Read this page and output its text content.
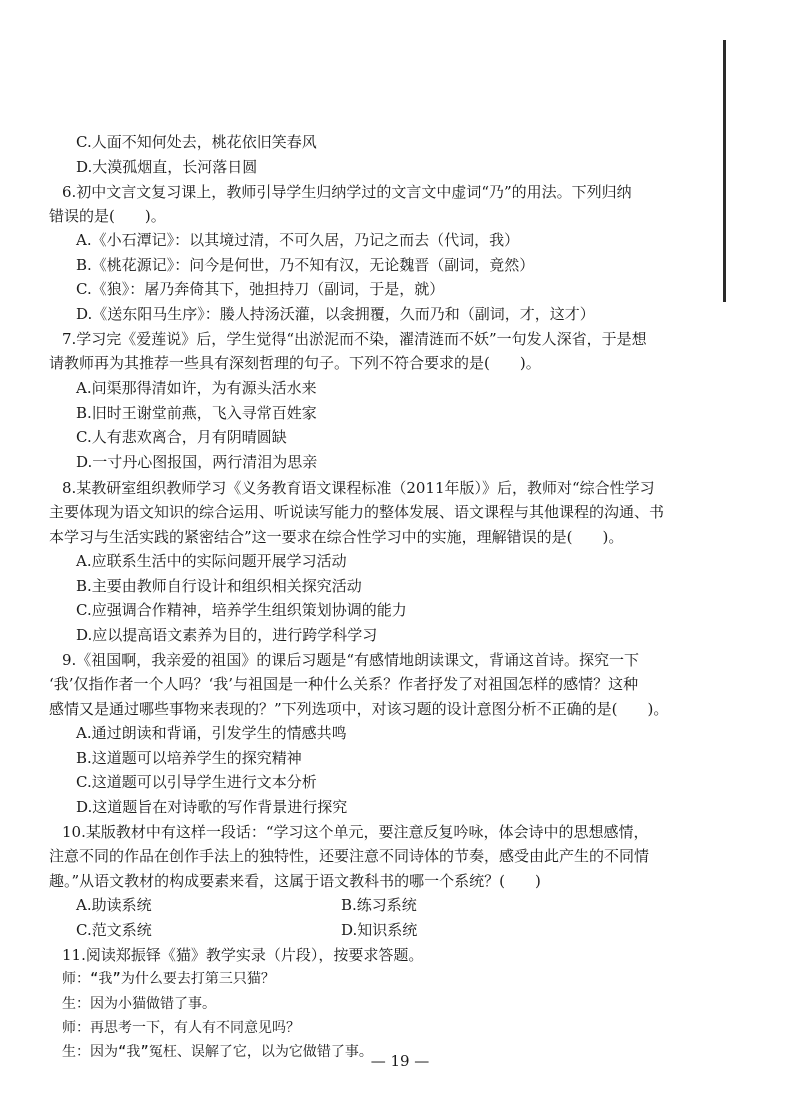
C.人面不知何处去，桃花依旧笑春风
D.大漠孤烟直，长河落日圆
6.初中文言文复习课上，教师引导学生归纳学过的文言文中虚词“乃”的用法。下列归纳
错误的是(　　)。
A.《小石潭记》：以其境过清，不可久居，乃记之而去（代词，我）
B.《桃花源记》：问今是何世，乃不知有汉，无论魏晋（副词，竟然）
C.《狼》：屠乃奔倚其下，弛担持刀（副词，于是，就）
D.《送东阳马生序》：媵人持汤沃灌，以衾拥覆，久而乃和（副词，才，这才）
7.学习完《爱莲说》后，学生觉得“出淤泥而不染，濯清涟而不妖”一句发人深省，于是想
请教师再为其推荐一些具有深刻哲理的句子。下列不符合要求的是(　　)。
A.问渠那得清如许，为有源头活水来
B.旧时王谢堂前燕，飞入寻常百姓家
C.人有悲欢离合，月有阴晴圆缺
D.一寸丹心图报国，两行清泪为思亲
8.某教研室组织教师学习《义务教育语文课程标准（2011年版）》后，教师对“综合性学习
主要体现为语文知识的综合运用、听说读写能力的整体发展、语文课程与其他课程的沟通、书
本学习与生活实践的紧密结合”这一要求在综合性学习中的实施，理解错误的是(　　)。
A.应联系生活中的实际问题开展学习活动
B.主要由教师自行设计和组织相关探究活动
C.应强调合作精神，培养学生组织策划协调的能力
D.应以提高语文素养为目的，进行跨学科学习
9.《祖国啊，我亲爱的祖国》的课后习题是“有感情地朗读课文，背诵这首诗。探究一下
‘我’仅指作者一个人吗？‘我’与祖国是一种什么关系？作者抒发了对祖国怎样的感情？这种
感情又是通过哪些事物来表现的？”下列选项中，对该习题的设计意图分析不正确的是(　　)。
A.通过朗读和背诵，引发学生的情感共鸣
B.这道题可以培养学生的探究精神
C.这道题可以引导学生进行文本分析
D.这道题旨在对诗歌的写作背景进行探究
10.某版教材中有这样一段话：“学习这个单元，要注意反复吟咏，体会诗中的思想感情，
注意不同的作品在创作手法上的独特性，还要注意不同诗体的节奏，感受由此产生的不同情
趣。”从语文教材的构成要素来看，这属于语文教科书的哪一个系统？(　　)
A.助读系统	B.练习系统
C.范文系统	D.知识系统
11.阅读郑振铎《猫》教学实录（片段），按要求答题。
师：“我”为什么要去打第三只猫？
生：因为小猫做错了事。
师：再思考一下，有人有不同意见吗？
生：因为“我”冤枉、误解了它，以为它做错了事。
— 19 —
